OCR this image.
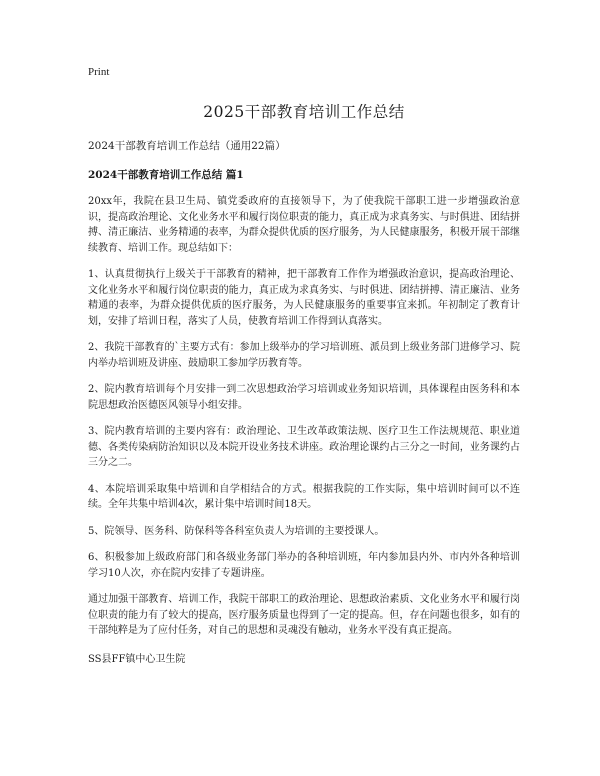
Print
2025干部教育培训工作总结

2024干部教育培训工作总结（通用22篇）

2024干部教育培训工作总结 篇1

20xx年，我院在县卫生局、镇党委政府的直接领导下，为了使我院干部职工进一步增强政治意识，提高政治理论、文化业务水平和履行岗位职责的能力，真正成为求真务实、与时俱进、团结拼搏、清正廉洁、业务精通的表率，为群众提供优质的医疗服务，为人民健康服务，积极开展干部继续教育、培训工作。现总结如下：

1、认真贯彻执行上级关于干部教育的精神，把干部教育工作作为增强政治意识，提高政治理论、文化业务水平和履行岗位职责的能力，真正成为求真务实、与时俱进、团结拼搏、清正廉洁、业务精通的表率，为群众提供优质的医疗服务，为人民健康服务的重要事宜来抓。年初制定了教育计划，安排了培训日程，落实了人员，使教育培训工作得到认真落实。

2、我院干部教育的`主要方式有：参加上级举办的学习培训班、派员到上级业务部门进修学习、院内举办培训班及讲座、鼓励职工参加学历教育等。

2、院内教育培训每个月安排一到二次思想政治学习培训或业务知识培训，具体课程由医务科和本院思想政治医德医风领导小组安排。

3、院内教育培训的主要内容有：政治理论、卫生改革政策法规、医疗卫生工作法规规范、职业道德、各类传染病防治知识以及本院开设业务技术讲座。政治理论课约占三分之一时间，业务课约占三分之二。

4、本院培训采取集中培训和自学相结合的方式。根据我院的工作实际，集中培训时间可以不连续。全年共集中培训4次，累计集中培训时间18天。

5、院领导、医务科、防保科等各科室负责人为培训的主要授课人。

6、积极参加上级政府部门和各级业务部门举办的各种培训班，年内参加县内外、市内外各种培训学习10人次，亦在院内安排了专题讲座。

通过加强干部教育、培训工作，我院干部职工的政治理论、思想政治素质、文化业务水平和履行岗位职责的能力有了较大的提高，医疗服务质量也得到了一定的提高。但，存在问题也很多，如有的干部纯粹是为了应付任务，对自己的思想和灵魂没有触动，业务水平没有真正提高。

SS县FF镇中心卫生院
